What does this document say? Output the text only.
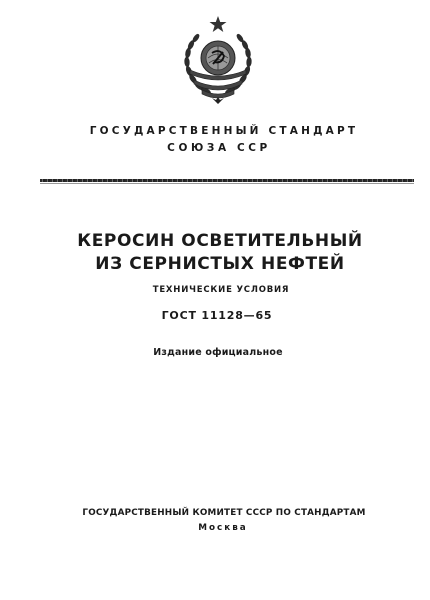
ГОСУДАРСТВЕННЫЙ СТАНДАРТ
СОЮЗА ССР
КЕРОСИН ОСВЕТИТЕЛЬНЫЙ
ИЗ СЕРНИСТЫХ НЕФТЕЙ
ТЕХНИЧЕСКИЕ УСЛОВИЯ
ГОСТ 11128—65
Издание официальное
ГОСУДАРСТВЕННЫЙ КОМИТЕТ СССР ПО СТАНДАРТАМ
Москва
